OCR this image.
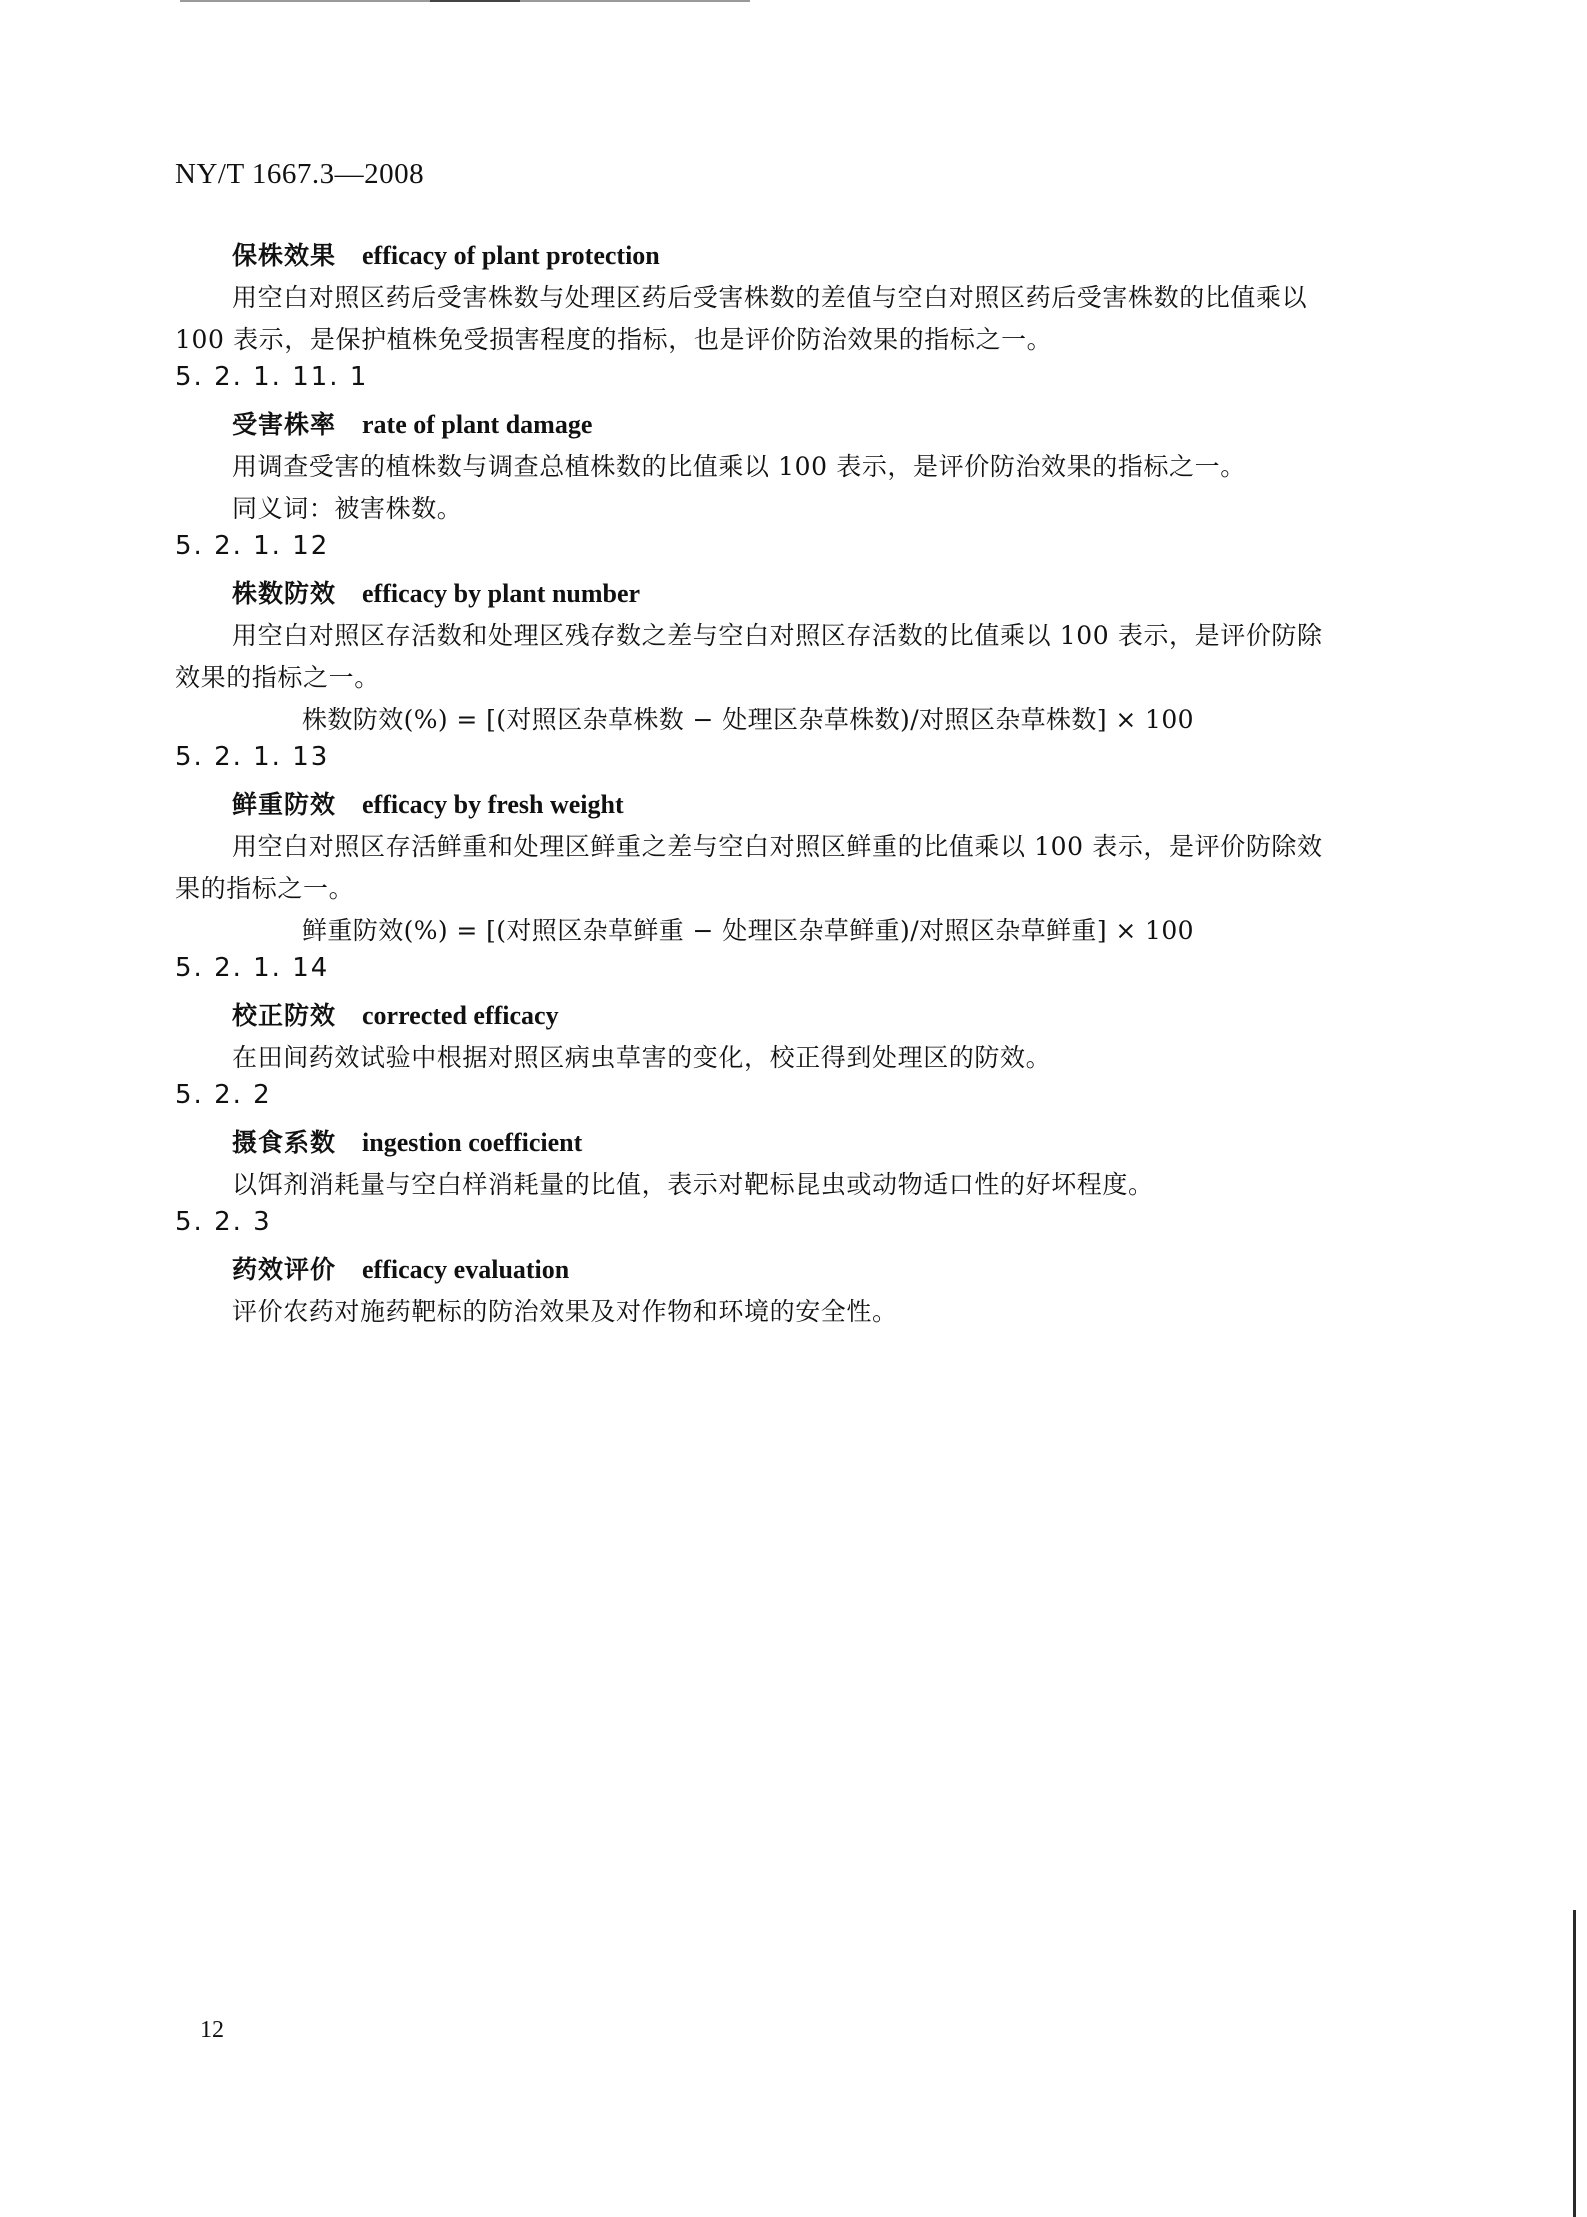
NY/T 1667.3—2008
保株效果 efficacy of plant protection
用空白对照区药后受害株数与处理区药后受害株数的差值与空白对照区药后受害株数的比值乘以
100 表示，是保护植株免受损害程度的指标，也是评价防治效果的指标之一。
5. 2. 1. 11. 1
受害株率 rate of plant damage
用调查受害的植株数与调查总植株数的比值乘以 100 表示，是评价防治效果的指标之一。
同义词：被害株数。
5. 2. 1. 12
株数防效 efficacy by plant number
用空白对照区存活数和处理区残存数之差与空白对照区存活数的比值乘以 100 表示，是评价防除
效果的指标之一。
株数防效(%) = [(对照区杂草株数 − 处理区杂草株数)/对照区杂草株数] × 100
5. 2. 1. 13
鲜重防效 efficacy by fresh weight
用空白对照区存活鲜重和处理区鲜重之差与空白对照区鲜重的比值乘以 100 表示，是评价防除效
果的指标之一。
鲜重防效(%) = [(对照区杂草鲜重 − 处理区杂草鲜重)/对照区杂草鲜重] × 100
5. 2. 1. 14
校正防效 corrected efficacy
在田间药效试验中根据对照区病虫草害的变化，校正得到处理区的防效。
5. 2. 2
摄食系数 ingestion coefficient
以饵剂消耗量与空白样消耗量的比值，表示对靶标昆虫或动物适口性的好坏程度。
5. 2. 3
药效评价 efficacy evaluation
评价农药对施药靶标的防治效果及对作物和环境的安全性。
12
